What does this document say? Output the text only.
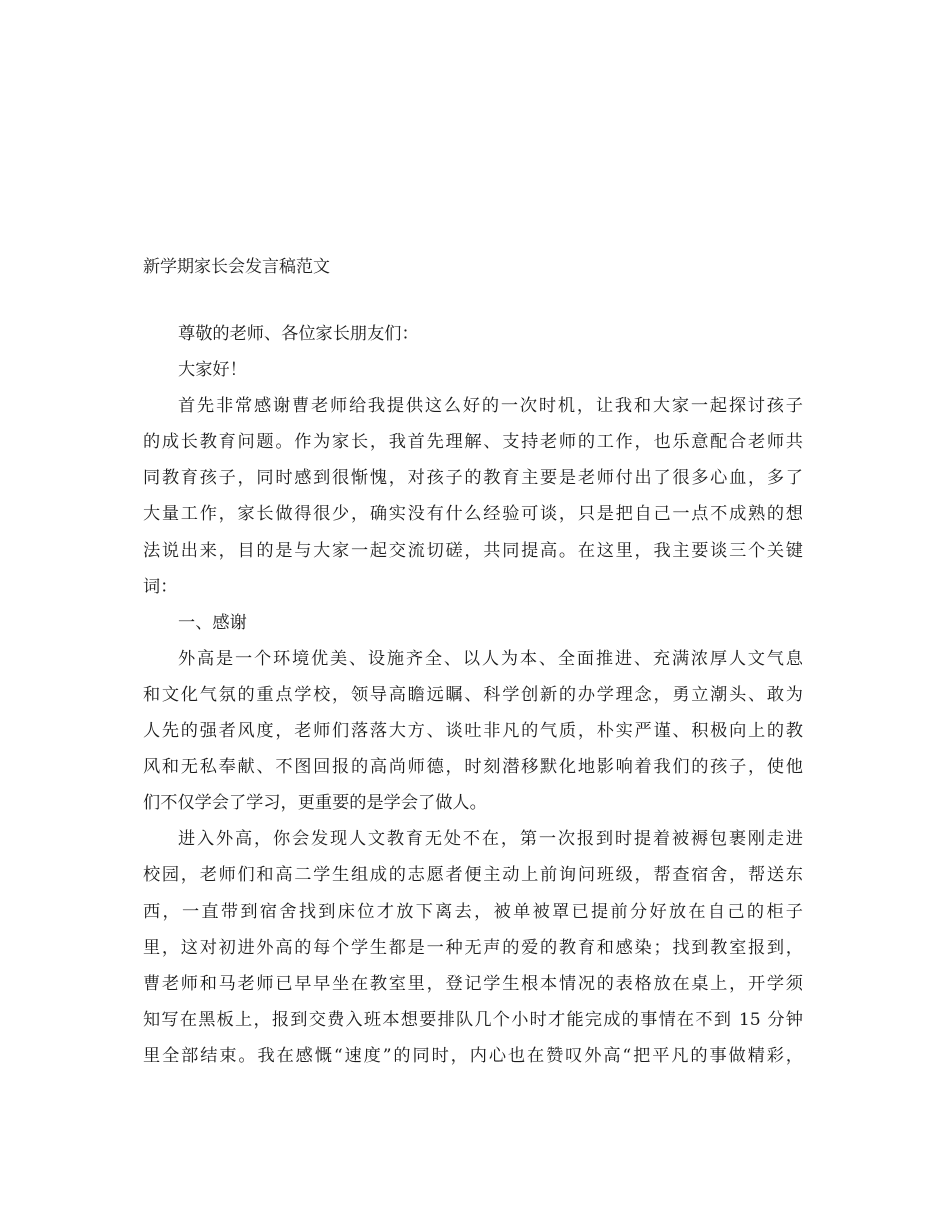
新学期家长会发言稿范文
尊敬的老师、各位家长朋友们：
大家好！
首先非常感谢曹老师给我提供这么好的一次时机，让我和大家一起探讨孩子
的成长教育问题。作为家长，我首先理解、支持老师的工作，也乐意配合老师共
同教育孩子，同时感到很惭愧，对孩子的教育主要是老师付出了很多心血，多了
大量工作，家长做得很少，确实没有什么经验可谈，只是把自己一点不成熟的想
法说出来，目的是与大家一起交流切磋，共同提高。在这里，我主要谈三个关键
词：
一、感谢
外高是一个环境优美、设施齐全、以人为本、全面推进、充满浓厚人文气息
和文化气氛的重点学校，领导高瞻远瞩、科学创新的办学理念，勇立潮头、敢为
人先的强者风度，老师们落落大方、谈吐非凡的气质，朴实严谨、积极向上的教
风和无私奉献、不图回报的高尚师德，时刻潜移默化地影响着我们的孩子，使他
们不仅学会了学习，更重要的是学会了做人。
进入外高，你会发现人文教育无处不在，第一次报到时提着被褥包裹刚走进
校园，老师们和高二学生组成的志愿者便主动上前询问班级，帮查宿舍，帮送东
西，一直带到宿舍找到床位才放下离去，被单被罩已提前分好放在自己的柜子
里，这对初进外高的每个学生都是一种无声的爱的教育和感染；找到教室报到，
曹老师和马老师已早早坐在教室里，登记学生根本情况的表格放在桌上，开学须
知写在黑板上，报到交费入班本想要排队几个小时才能完成的事情在不到 15 分钟
里全部结束。我在感慨“速度”的同时，内心也在赞叹外高“把平凡的事做精彩，
